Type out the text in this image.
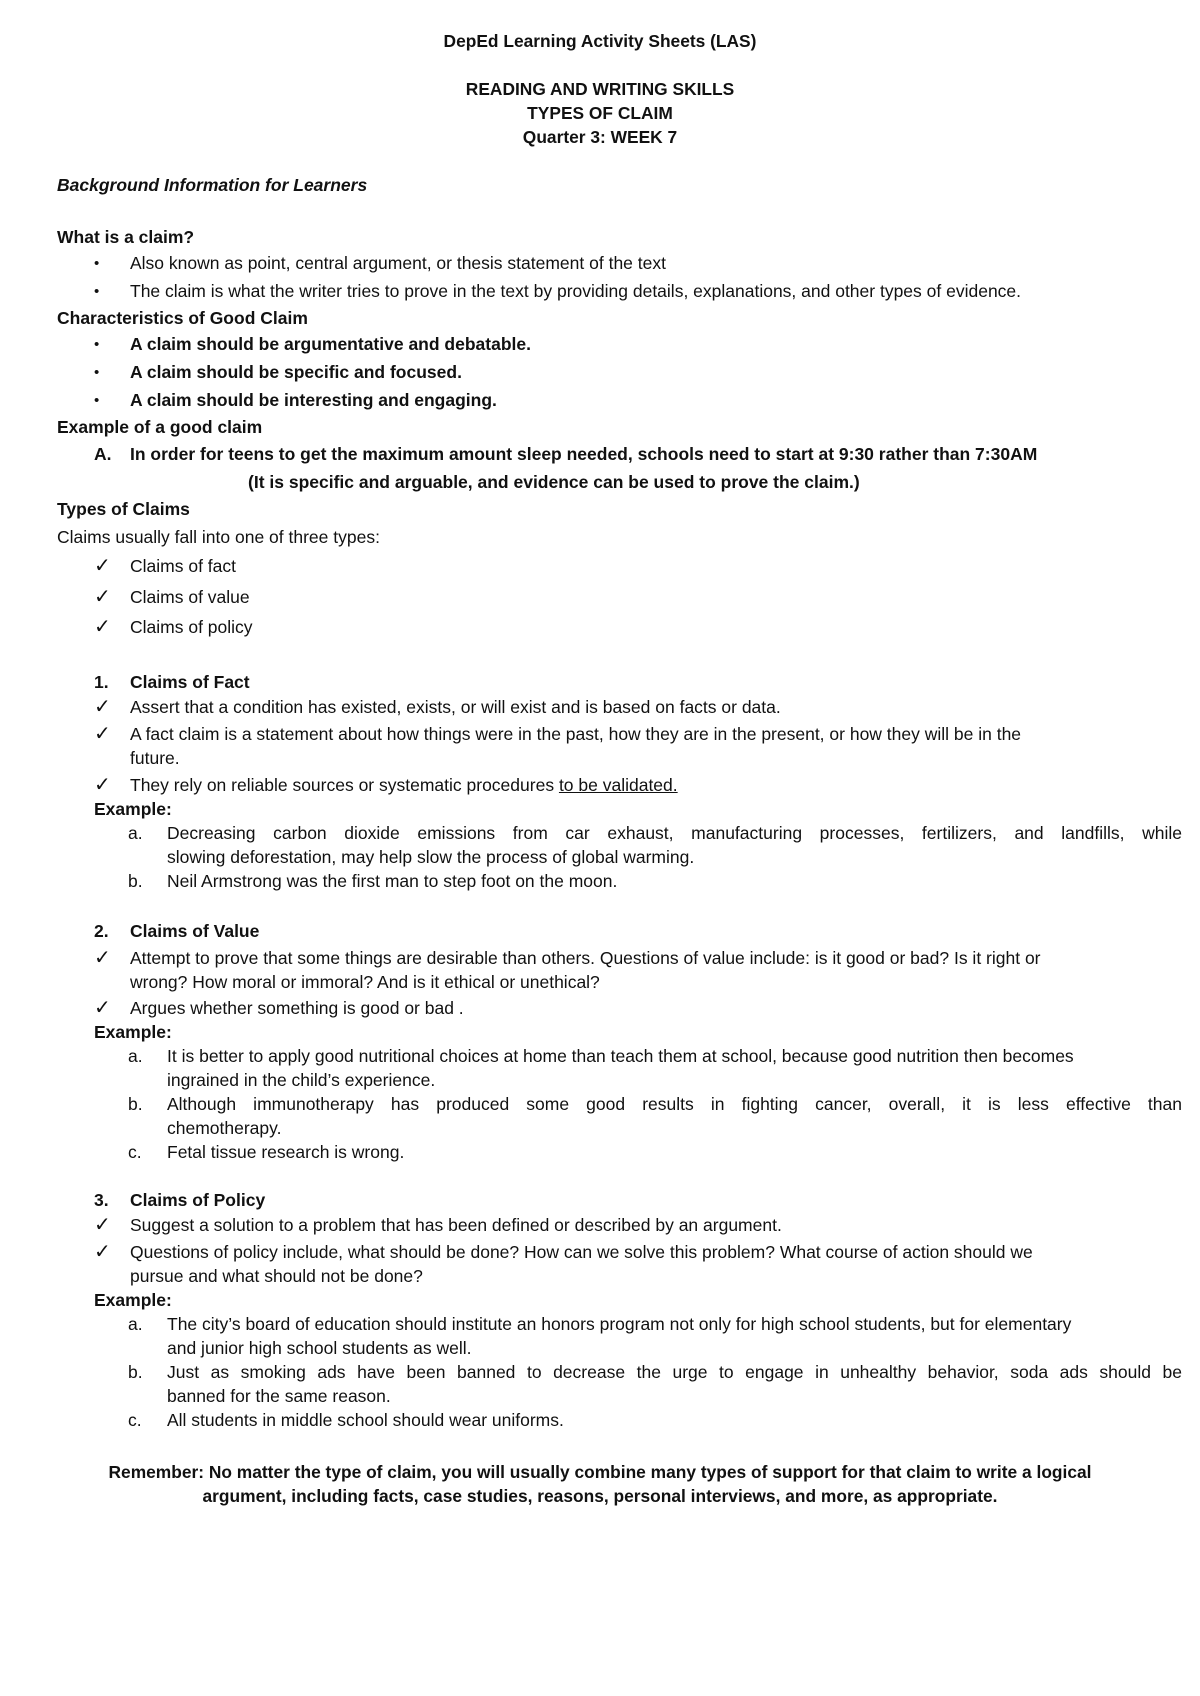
DepEd Learning Activity Sheets (LAS)
READING AND WRITING SKILLS
TYPES OF CLAIM
Quarter 3: WEEK 7
Background Information for Learners
What is a claim?
• Also known as point, central argument, or thesis statement of the text
• The claim is what the writer tries to prove in the text by providing details, explanations, and other types of evidence.
Characteristics of Good Claim
• A claim should be argumentative and debatable.
• A claim should be specific and focused.
• A claim should be interesting and engaging.
Example of a good claim
A. In order for teens to get the maximum amount sleep needed, schools need to start at 9:30 rather than 7:30AM
(It is specific and arguable, and evidence can be used to prove the claim.)
Types of Claims
Claims usually fall into one of three types:
✓ Claims of fact
✓ Claims of value
✓ Claims of policy
1. Claims of Fact
✓ Assert that a condition has existed, exists, or will exist and is based on facts or data.
✓ A fact claim is a statement about how things were in the past, how they are in the present, or how they will be in the
future.
✓ They rely on reliable sources or systematic procedures to be validated.
Example:
a. Decreasing carbon dioxide emissions from car exhaust, manufacturing processes, fertilizers, and landfills, while
slowing deforestation, may help slow the process of global warming.
b. Neil Armstrong was the first man to step foot on the moon.
2. Claims of Value
✓ Attempt to prove that some things are desirable than others. Questions of value include: is it good or bad? Is it right or
wrong? How moral or immoral? And is it ethical or unethical?
✓ Argues whether something is good or bad .
Example:
a. It is better to apply good nutritional choices at home than teach them at school, because good nutrition then becomes
ingrained in the child’s experience.
b. Although immunotherapy has produced some good results in fighting cancer, overall, it is less effective than
chemotherapy.
c. Fetal tissue research is wrong.
3. Claims of Policy
✓ Suggest a solution to a problem that has been defined or described by an argument.
✓ Questions of policy include, what should be done? How can we solve this problem? What course of action should we
pursue and what should not be done?
Example:
a. The city’s board of education should institute an honors program not only for high school students, but for elementary
and junior high school students as well.
b. Just as smoking ads have been banned to decrease the urge to engage in unhealthy behavior, soda ads should be
banned for the same reason.
c. All students in middle school should wear uniforms.
Remember: No matter the type of claim, you will usually combine many types of support for that claim to write a logical
argument, including facts, case studies, reasons, personal interviews, and more, as appropriate.
